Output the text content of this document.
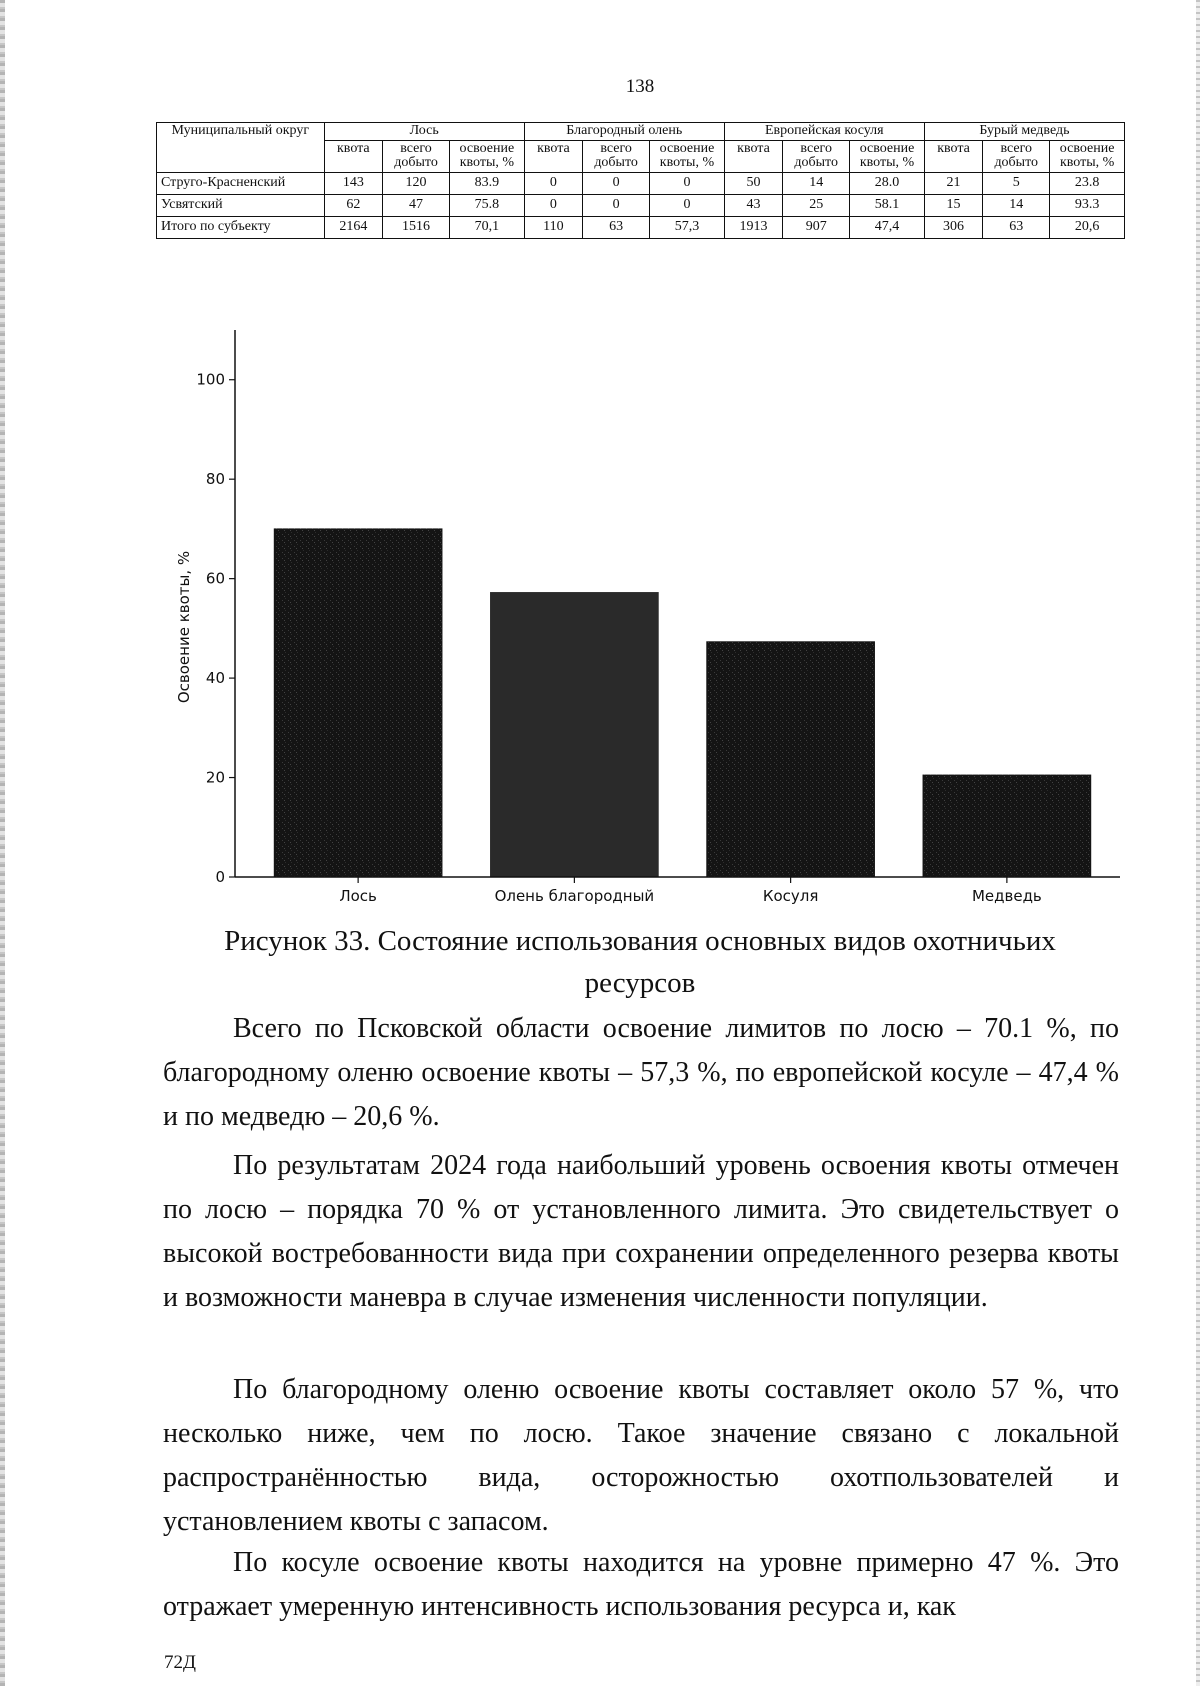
138
Муниципальный округ	Лось			Благородный олень			Европейская косуля			Бурый медведь		
	квота	всего добыто	освоение квоты, %	квота	всего добыто	освоение квоты, %	квота	всего добыто	освоение квоты, %	квота	всего добыто	освоение квоты, %
Струго-Красненский	143	120	83.9	0	0	0	50	14	28.0	21	5	23.8
Усвятский	62	47	75.8	0	0	0	43	25	58.1	15	14	93.3
Итого по субъекту	2164	1516	70,1	110	63	57,3	1913	907	47,4	306	63	20,6
Освоение квоты, %
0
20
40
60
80
100
Лось	Олень благородный	Косуля	Медведь
Рисунок 33. Состояние использования основных видов охотничьих
ресурсов

Всего по Псковской области освоение лимитов по лосю – 70.1 %, по благородному оленю освоение квоты – 57,3 %, по европейской косуле – 47,4 % и по медведю – 20,6 %.

По результатам 2024 года наибольший уровень освоения квоты отмечен по лосю – порядка 70 % от установленного лимита. Это свидетельствует о высокой востребованности вида при сохранении определенного резерва квоты и возможности маневра в случае изменения численности популяции.

По благородному оленю освоение квоты составляет около 57 %, что несколько ниже, чем по лосю. Такое значение связано с локальной распространённостью вида, осторожностью охотпользователей и установлением квоты с запасом.

По косуле освоение квоты находится на уровне примерно 47 %. Это отражает умеренную интенсивность использования ресурса и, как

72Д
